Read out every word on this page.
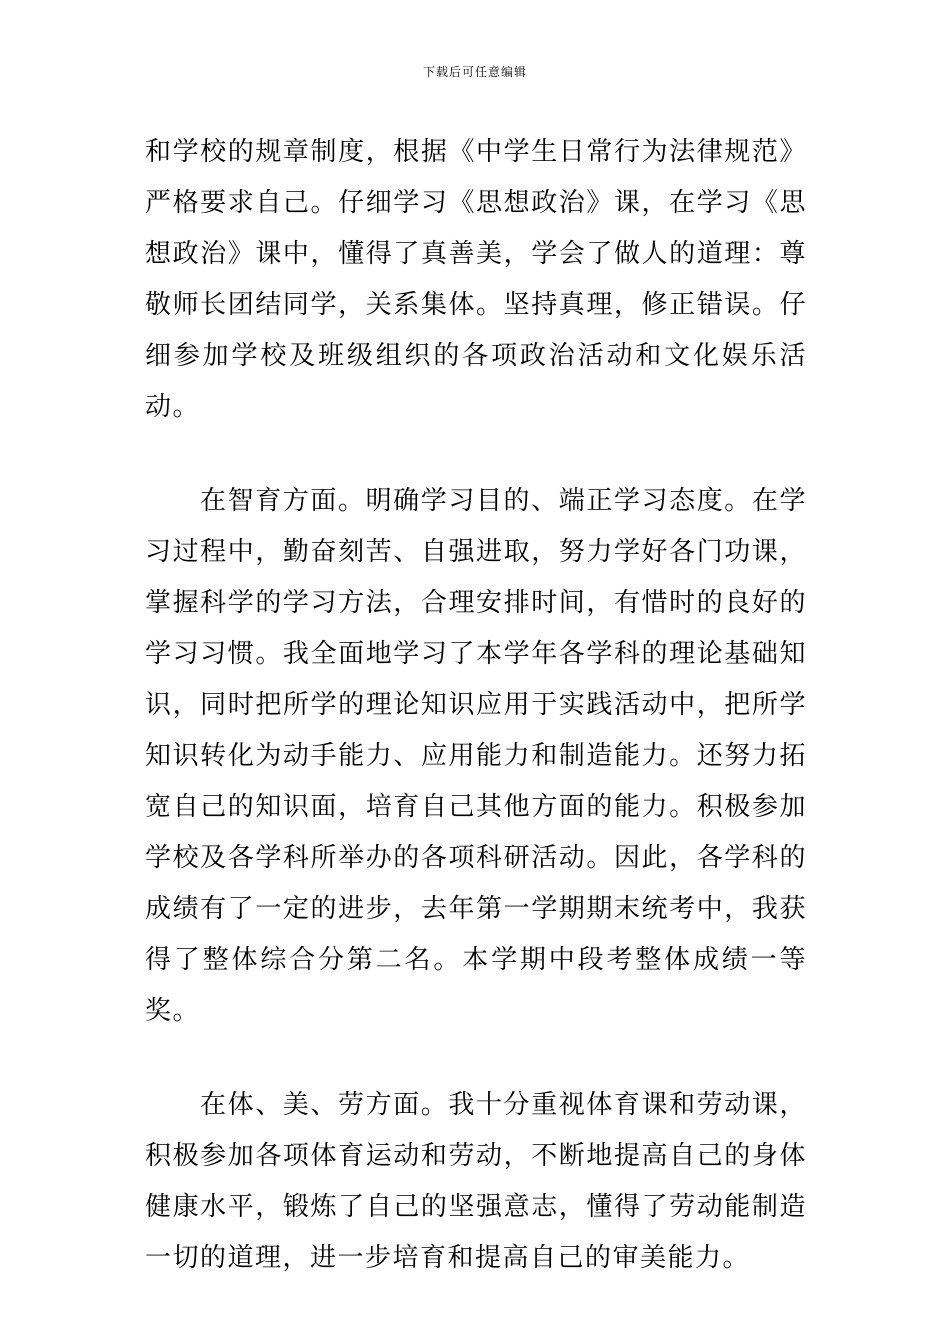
下载后可任意编辑

和学校的规章制度，根据《中学生日常行为法律规范》严格要求自己。仔细学习《思想政治》课，在学习《思想政治》课中，懂得了真善美，学会了做人的道理：尊敬师长团结同学，关系集体。坚持真理，修正错误。仔细参加学校及班级组织的各项政治活动和文化娱乐活动。

在智育方面。明确学习目的、端正学习态度。在学习过程中，勤奋刻苦、自强进取，努力学好各门功课，掌握科学的学习方法，合理安排时间，有惜时的良好的学习习惯。我全面地学习了本学年各学科的理论基础知识，同时把所学的理论知识应用于实践活动中，把所学知识转化为动手能力、应用能力和制造能力。还努力拓宽自己的知识面，培育自己其他方面的能力。积极参加学校及各学科所举办的各项科研活动。因此，各学科的成绩有了一定的进步，去年第一学期期末统考中，我获得了整体综合分第二名。本学期中段考整体成绩一等奖。

在体、美、劳方面。我十分重视体育课和劳动课，积极参加各项体育运动和劳动，不断地提高自己的身体健康水平，锻炼了自己的坚强意志，懂得了劳动能制造一切的道理，进一步培育和提高自己的审美能力。
